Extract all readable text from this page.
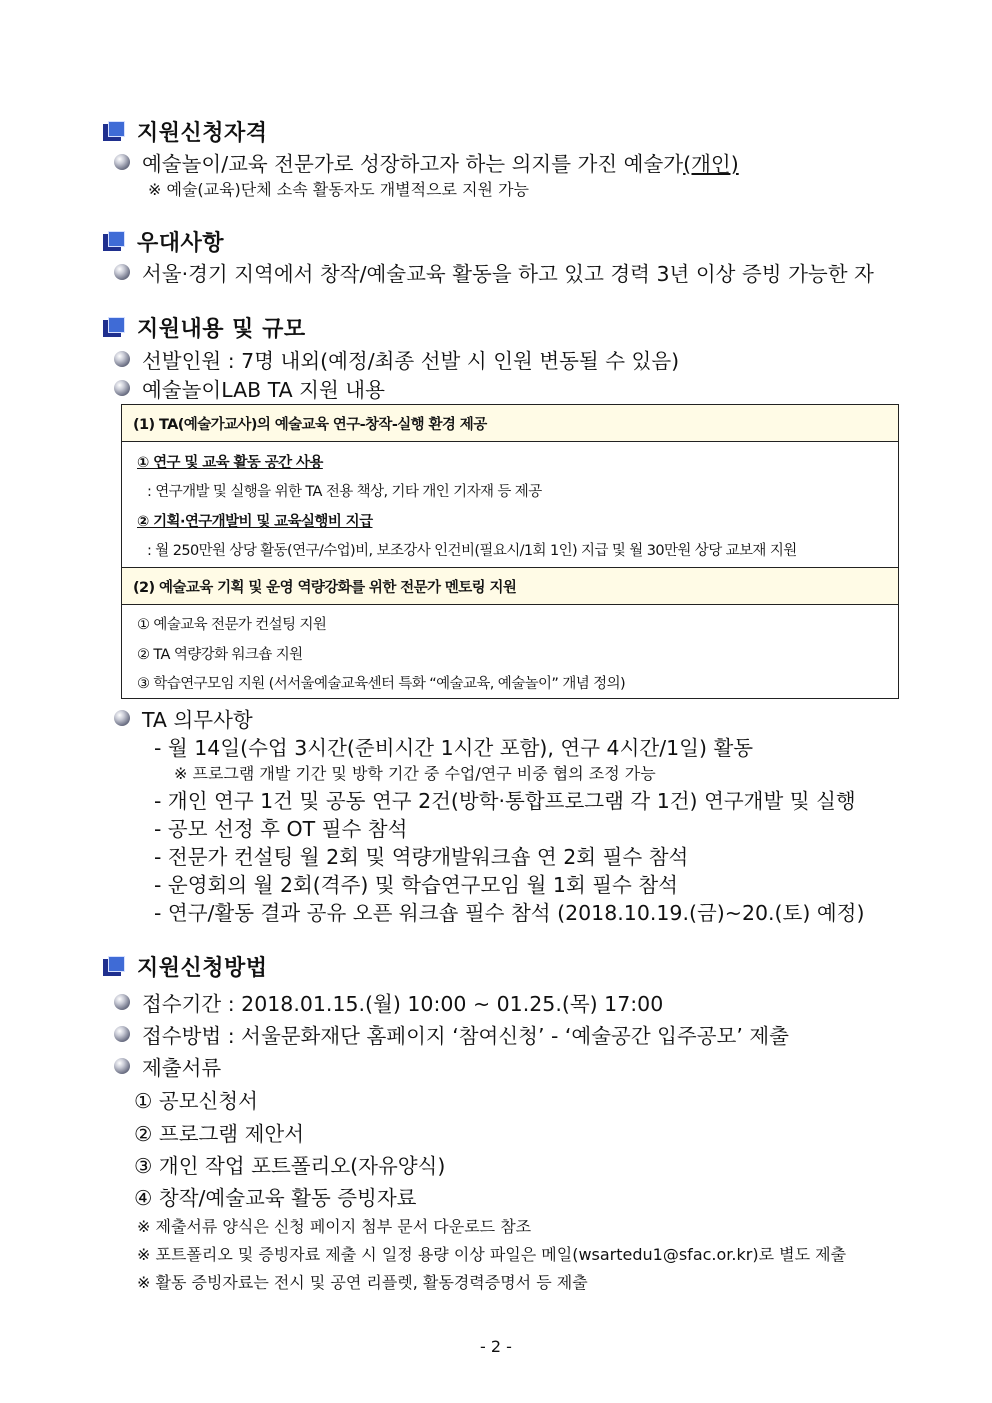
지원신청자격
예술놀이/교육 전문가로 성장하고자 하는 의지를 가진 예술가 (개인)
※ 예술(교육)단체 소속 활동자도 개별적으로 지원 가능
우대사항
서울·경기 지역에서 창작/예술교육 활동을 하고 있고 경력 3년 이상 증빙 가능한 자
지원내용 및 규모
선발인원 : 7명 내외(예정/최종 선발 시 인원 변동될 수 있음)
예술놀이LAB TA 지원 내용
(1) TA(예술가교사)의 예술교육 연구-창작-실행 환경 제공
① 연구 및 교육 활동 공간 사용
: 연구개발 및 실행을 위한 TA 전용 책상, 기타 개인 기자재 등 제공
② 기획·연구개발비 및 교육실행비 지급
: 월 250만원 상당 활동(연구/수업)비, 보조강사 인건비(필요시/1회 1인) 지급 및 월 30만원 상당 교보재 지원
(2) 예술교육 기획 및 운영 역량강화를 위한 전문가 멘토링 지원
① 예술교육 전문가 컨설팅 지원
② TA 역량강화 워크숍 지원
③ 학습연구모임 지원 (서서울예술교육센터 특화 “예술교육, 예술놀이” 개념 정의)
TA 의무사항
- 월 14일(수업 3시간(준비시간 1시간 포함), 연구 4시간/1일) 활동
※ 프로그램 개발 기간 및 방학 기간 중 수업/연구 비중 협의 조정 가능
- 개인 연구 1건 및 공동 연구 2건(방학·통합프로그램 각 1건) 연구개발 및 실행
- 공모 선정 후 OT 필수 참석
- 전문가 컨설팅 월 2회 및 역량개발워크숍 연 2회 필수 참석
- 운영회의 월 2회(격주) 및 학습연구모임 월 1회 필수 참석
- 연구/활동 결과 공유 오픈 워크숍 필수 참석 (2018.10.19.(금)~20.(토) 예정)
지원신청방법
접수기간 : 2018.01.15.(월) 10:00 ~ 01.25.(목) 17:00
접수방법 : 서울문화재단 홈페이지 ‘참여신청’ - ‘예술공간 입주공모’ 제출
제출서류
① 공모신청서
② 프로그램 제안서
③ 개인 작업 포트폴리오(자유양식)
④ 창작/예술교육 활동 증빙자료
※ 제출서류 양식은 신청 페이지 첨부 문서 다운로드 참조
※ 포트폴리오 및 증빙자료 제출 시 일정 용량 이상 파일은 메일(wsartedu1@sfac.or.kr)로 별도 제출
※ 활동 증빙자료는 전시 및 공연 리플렛, 활동경력증명서 등 제출
- 2 -
